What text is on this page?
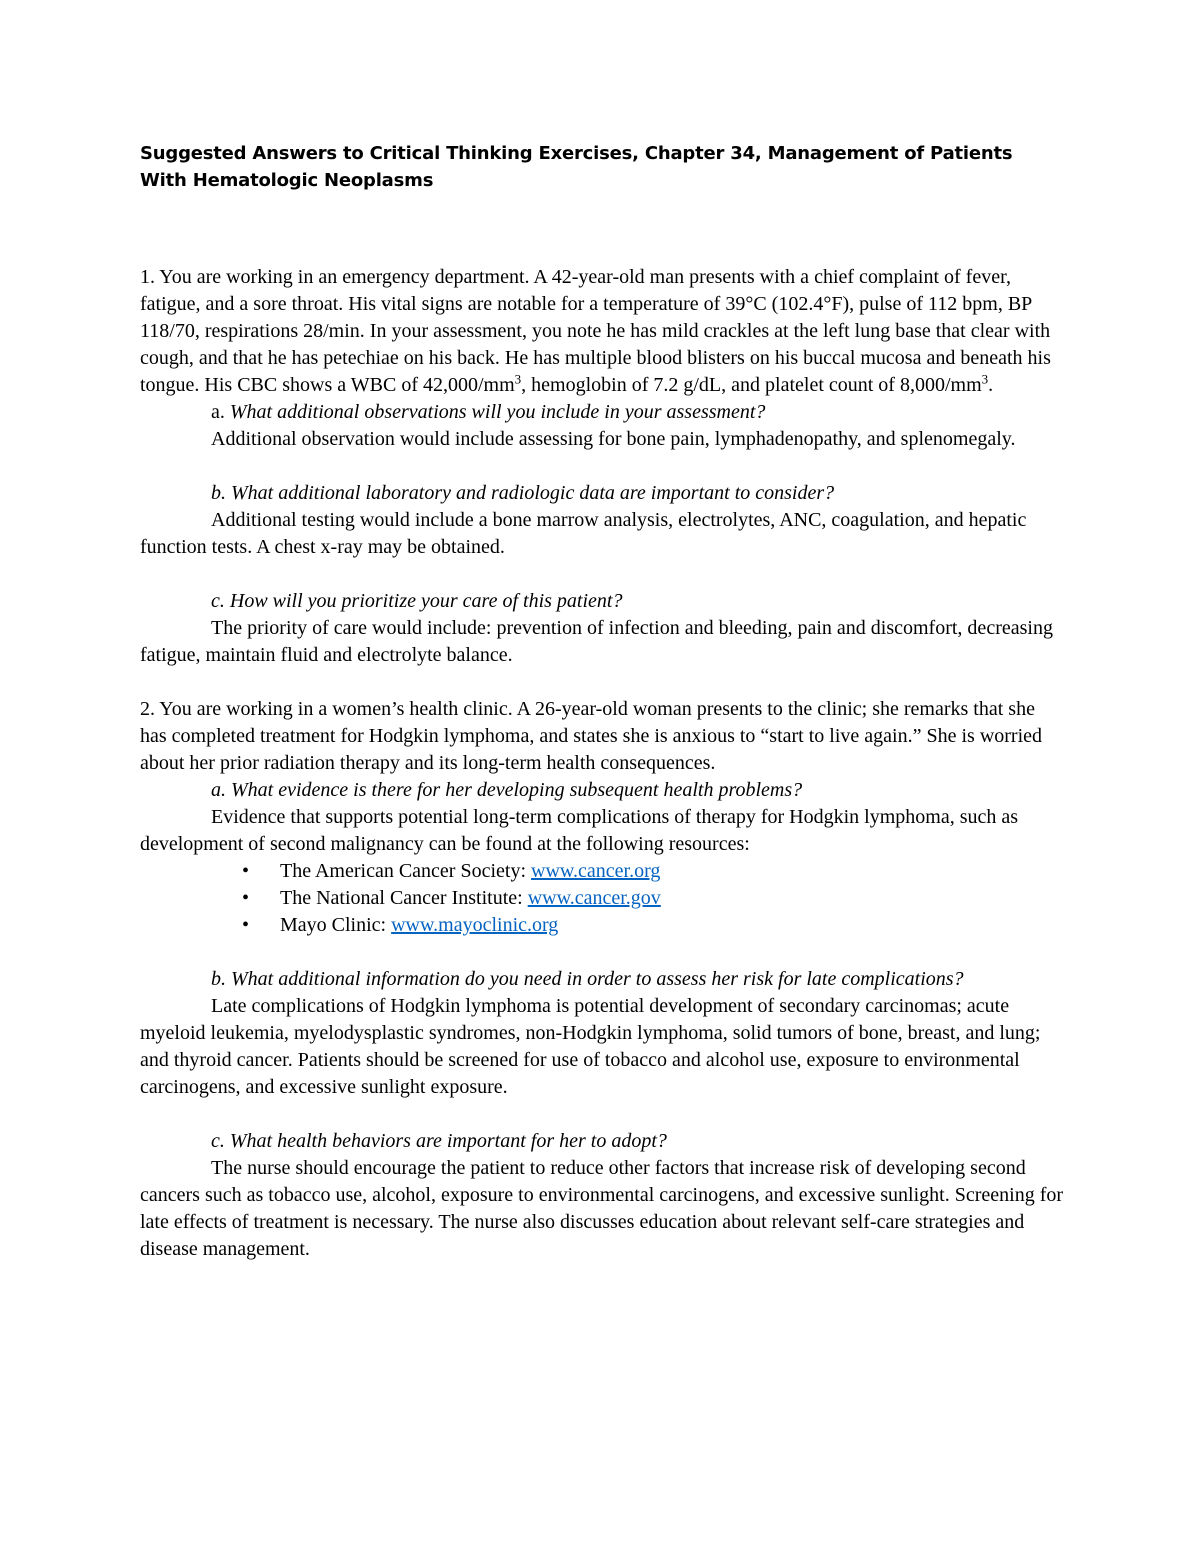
Suggested Answers to Critical Thinking Exercises, Chapter 34, Management of Patients With Hematologic Neoplasms

1. You are working in an emergency department. A 42-year-old man presents with a chief complaint of fever, fatigue, and a sore throat. His vital signs are notable for a temperature of 39°C (102.4°F), pulse of 112 bpm, BP 118/70, respirations 28/min. In your assessment, you note he has mild crackles at the left lung base that clear with cough, and that he has petechiae on his back. He has multiple blood blisters on his buccal mucosa and beneath his tongue. His CBC shows a WBC of $42,000/mm^3$, hemoglobin of 7.2 g/dL, and platelet count of $8,000/mm^3$.

a. What additional observations will you include in your assessment?

Additional observation would include assessing for bone pain, lymphadenopathy, and splenomegaly.

b. What additional laboratory and radiologic data are important to consider?

Additional testing would include a bone marrow analysis, electrolytes, ANC, coagulation, and hepatic function tests. A chest x-ray may be obtained.

c. How will you prioritize your care of this patient?

The priority of care would include: prevention of infection and bleeding, pain and discomfort, decreasing fatigue, maintain fluid and electrolyte balance.

2. You are working in a women’s health clinic. A 26-year-old woman presents to the clinic; she remarks that she has completed treatment for Hodgkin lymphoma, and states she is anxious to “start to live again.” She is worried about her prior radiation therapy and its long-term health consequences.

a. What evidence is there for her developing subsequent health problems?

Evidence that supports potential long-term complications of therapy for Hodgkin lymphoma, such as development of second malignancy can be found at the following resources:

• The American Cancer Society: www.cancer.org
• The National Cancer Institute: www.cancer.gov
• Mayo Clinic: www.mayoclinic.org

b. What additional information do you need in order to assess her risk for late complications?

Late complications of Hodgkin lymphoma is potential development of secondary carcinomas; acute myeloid leukemia, myelodysplastic syndromes, non-Hodgkin lymphoma, solid tumors of bone, breast, and lung; and thyroid cancer. Patients should be screened for use of tobacco and alcohol use, exposure to environmental carcinogens, and excessive sunlight exposure.

c. What health behaviors are important for her to adopt?

The nurse should encourage the patient to reduce other factors that increase risk of developing second cancers such as tobacco use, alcohol, exposure to environmental carcinogens, and excessive sunlight. Screening for late effects of treatment is necessary. The nurse also discusses education about relevant self-care strategies and disease management.
